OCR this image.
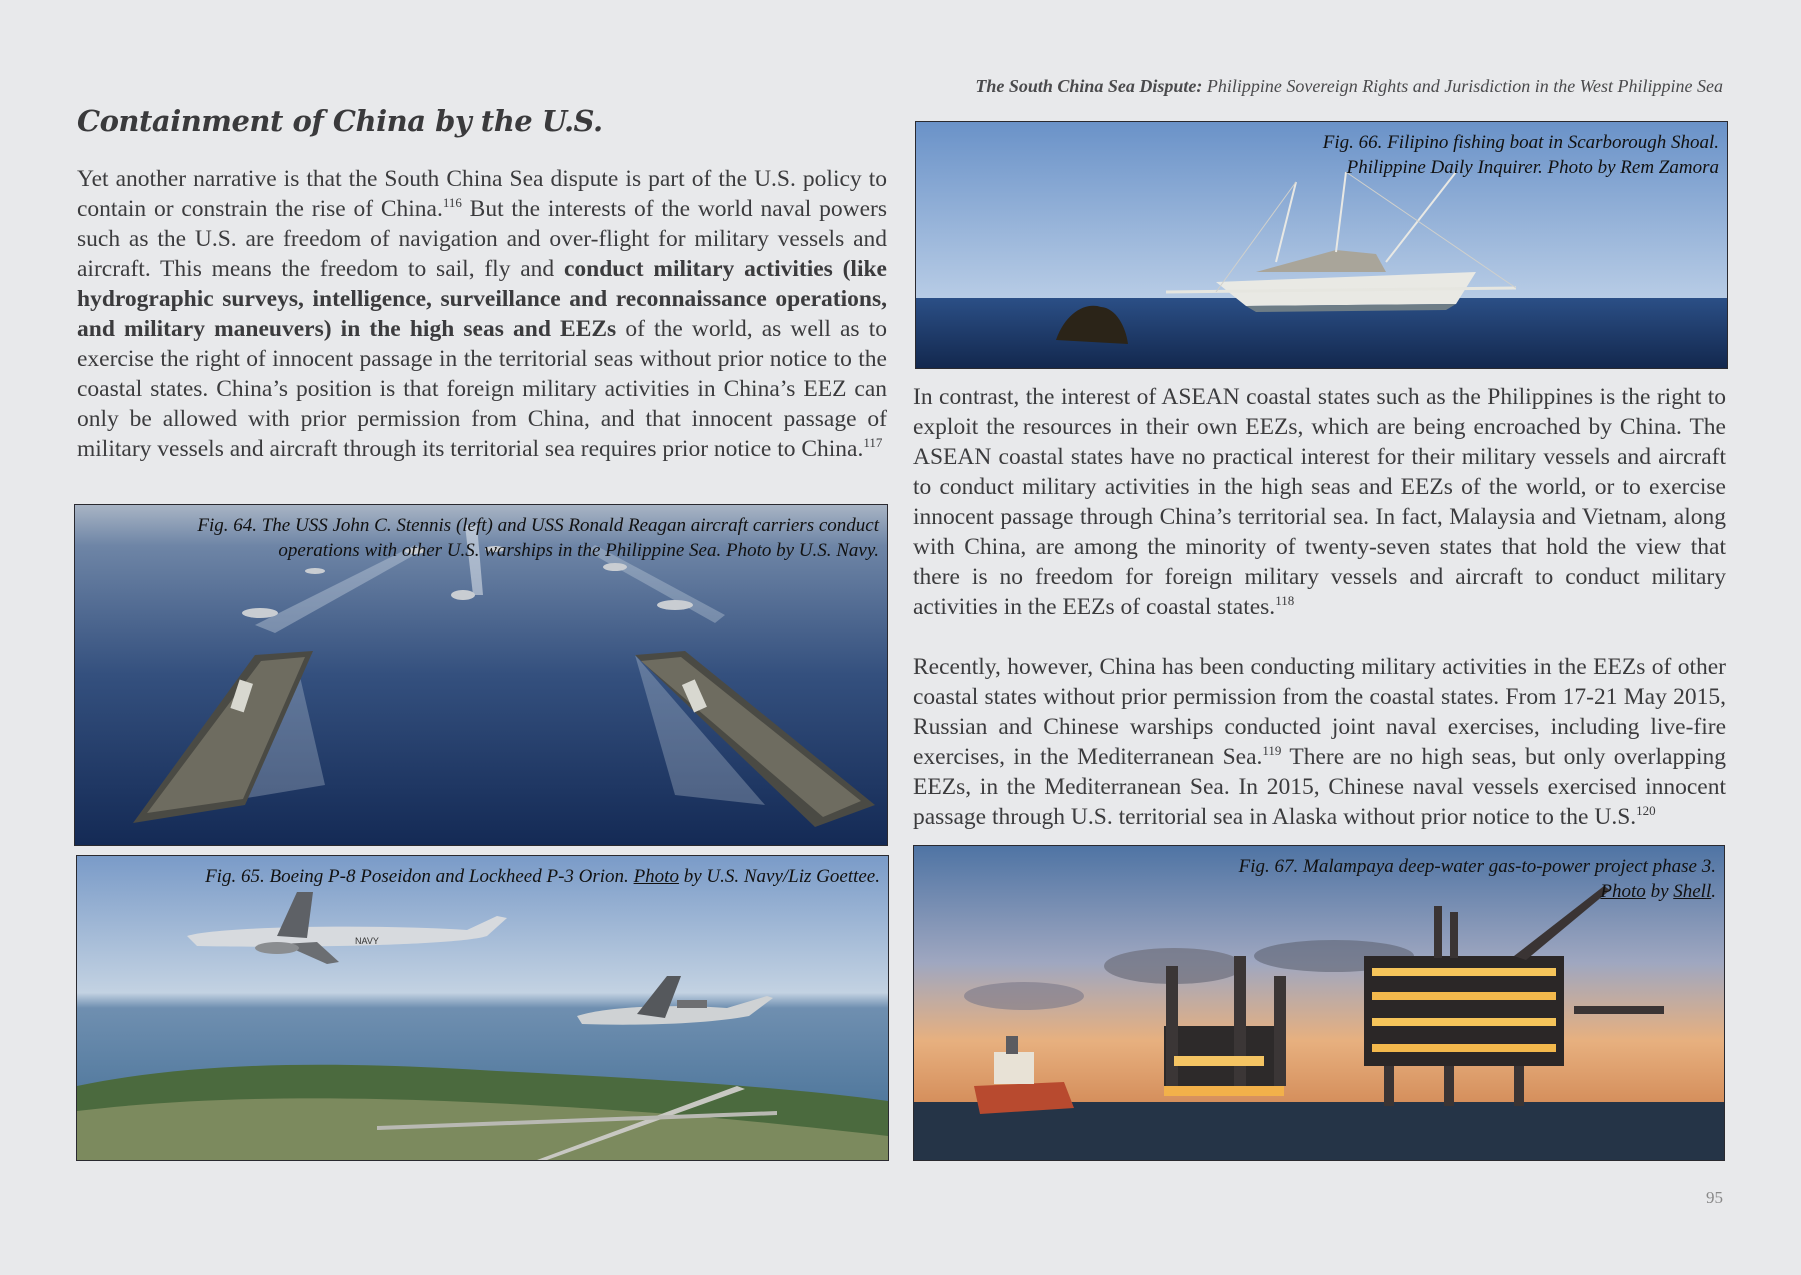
The South China Sea Dispute: Philippine Sovereign Rights and Jurisdiction in the West Philippine Sea
Containment of China by the U.S.

Yet another narrative is that the South China Sea dispute is part of the U.S. policy to contain or constrain the rise of China.$^{116}$ But the interests of the world naval powers such as the U.S. are freedom of navigation and over-flight for military vessels and aircraft. This means the freedom to sail, fly and conduct military activities (like hydrographic surveys, intelligence, surveillance and reconnaissance operations, and military maneuvers) in the high seas and EEZs of the world, as well as to exercise the right of innocent passage in the territorial seas without prior notice to the coastal states. China’s position is that foreign military activities in China’s EEZ can only be allowed with prior permission from China, and that innocent passage of military vessels and aircraft through its territorial sea requires prior notice to China.$^{117}$

Fig. 64. The USS John C. Stennis (left) and USS Ronald Reagan aircraft carriers conduct
operations with other U.S. warships in the Philippine Sea. Photo by U.S. Navy.
NAVY
Fig. 65. Boeing P-8 Poseidon and Lockheed P-3 Orion. Photo by U.S. Navy/Liz Goettee.
Fig. 66. Filipino fishing boat in Scarborough Shoal.
Philippine Daily Inquirer. Photo by Rem Zamora

In contrast, the interest of ASEAN coastal states such as the Philippines is the right to exploit the resources in their own EEZs, which are being encroached by China. The ASEAN coastal states have no practical interest for their military vessels and aircraft to conduct military activities in the high seas and EEZs of the world, or to exercise innocent passage through China’s territorial sea. In fact, Malaysia and Vietnam, along with China, are among the minority of twenty-seven states that hold the view that there is no freedom for foreign military vessels and aircraft to conduct military activities in the EEZs of coastal states.$^{118}$

Recently, however, China has been conducting military activities in the EEZs of other coastal states without prior permission from the coastal states. From 17-21 May 2015, Russian and Chinese warships conducted joint naval exercises, including live-fire exercises, in the Mediterranean Sea.$^{119}$ There are no high seas, but only overlapping EEZs, in the Mediterranean Sea. In 2015, Chinese naval vessels exercised innocent passage through U.S. territorial sea in Alaska without prior notice to the U.S.$^{120}$

Fig. 67. Malampaya deep-water gas-to-power project phase 3.
Photo by Shell.
95
